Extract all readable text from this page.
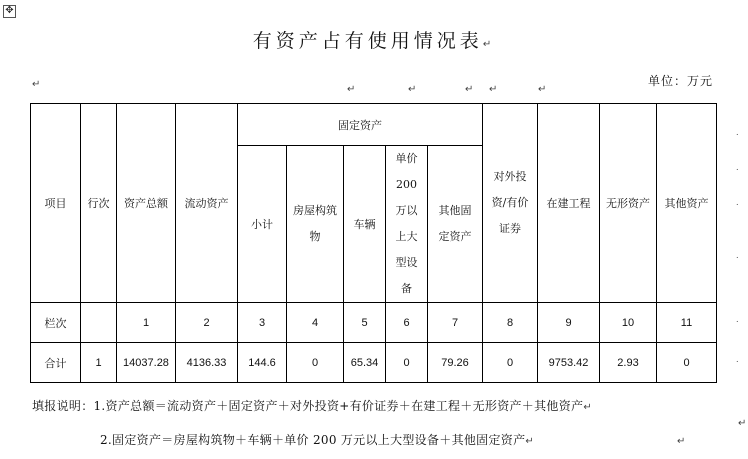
✥
有资产占有使用情况表↵
↵	↵	↵	↵ ↵	↵
单位：万元
项目	行次	资产总额	流动资产	固定资产					对外投资/有价证券	在建工程	无形资产	其他资产
				小计	房屋构筑物	车辆	单价200万以上大型设备	其他固定资产				
栏次		1	2	3	4	5	6	7	8	9	10	11
合计	1	14037.28	4136.33	144.6	0	65.34	0	79.26	0	9753.42	2.93	0
.
.
.
.
.
.
填报说明：1.资产总额＝流动资产＋固定资产＋对外投资+有价证券＋在建工程＋无形资产＋其他资产↵
↵
2.固定资产＝房屋构筑物＋车辆＋单价 200 万元以上大型设备＋其他固定资产↵	↵
